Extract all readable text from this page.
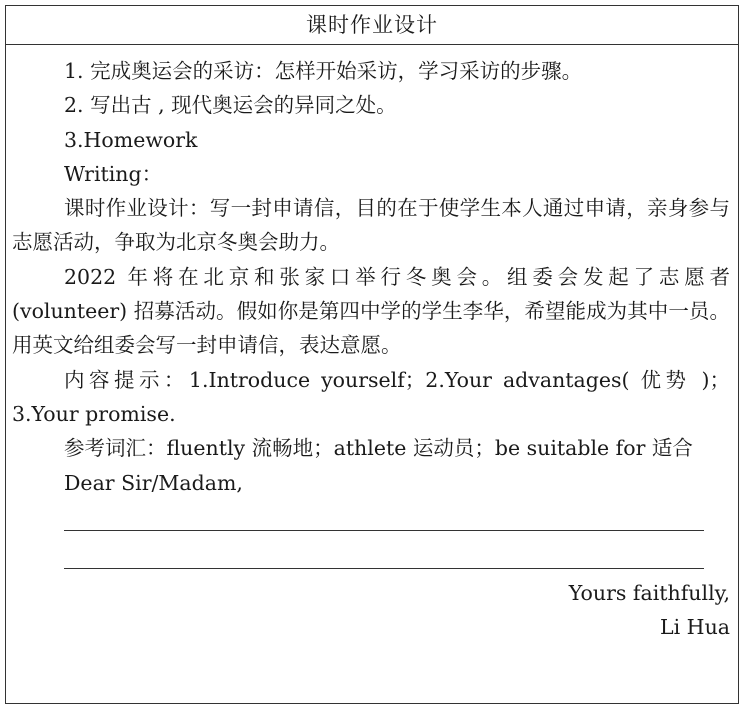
课时作业设计

1. 完成奥运会的采访：怎样开始采访，学习采访的步骤。

2. 写出古 , 现代奥运会的异同之处。

3.Homework

Writing：

课时作业设计：写一封申请信，目的在于使学生本人通过申请，亲身参与志愿活动，争取为北京冬奥会助力。

2022 年将在北京和张家口举行冬奥会。组委会发起了志愿者 (volunteer) 招募活动。假如你是第四中学的学生李华，希望能成为其中一员。用英文给组委会写一封申请信，表达意愿。

内容提示：1.Introduce yourself；2.Your advantages( 优势 )；3.Your promise.

参考词汇：fluently 流畅地；athlete 运动员；be suitable for 适合

Dear Sir/Madam,

Yours faithfully,

Li Hua
